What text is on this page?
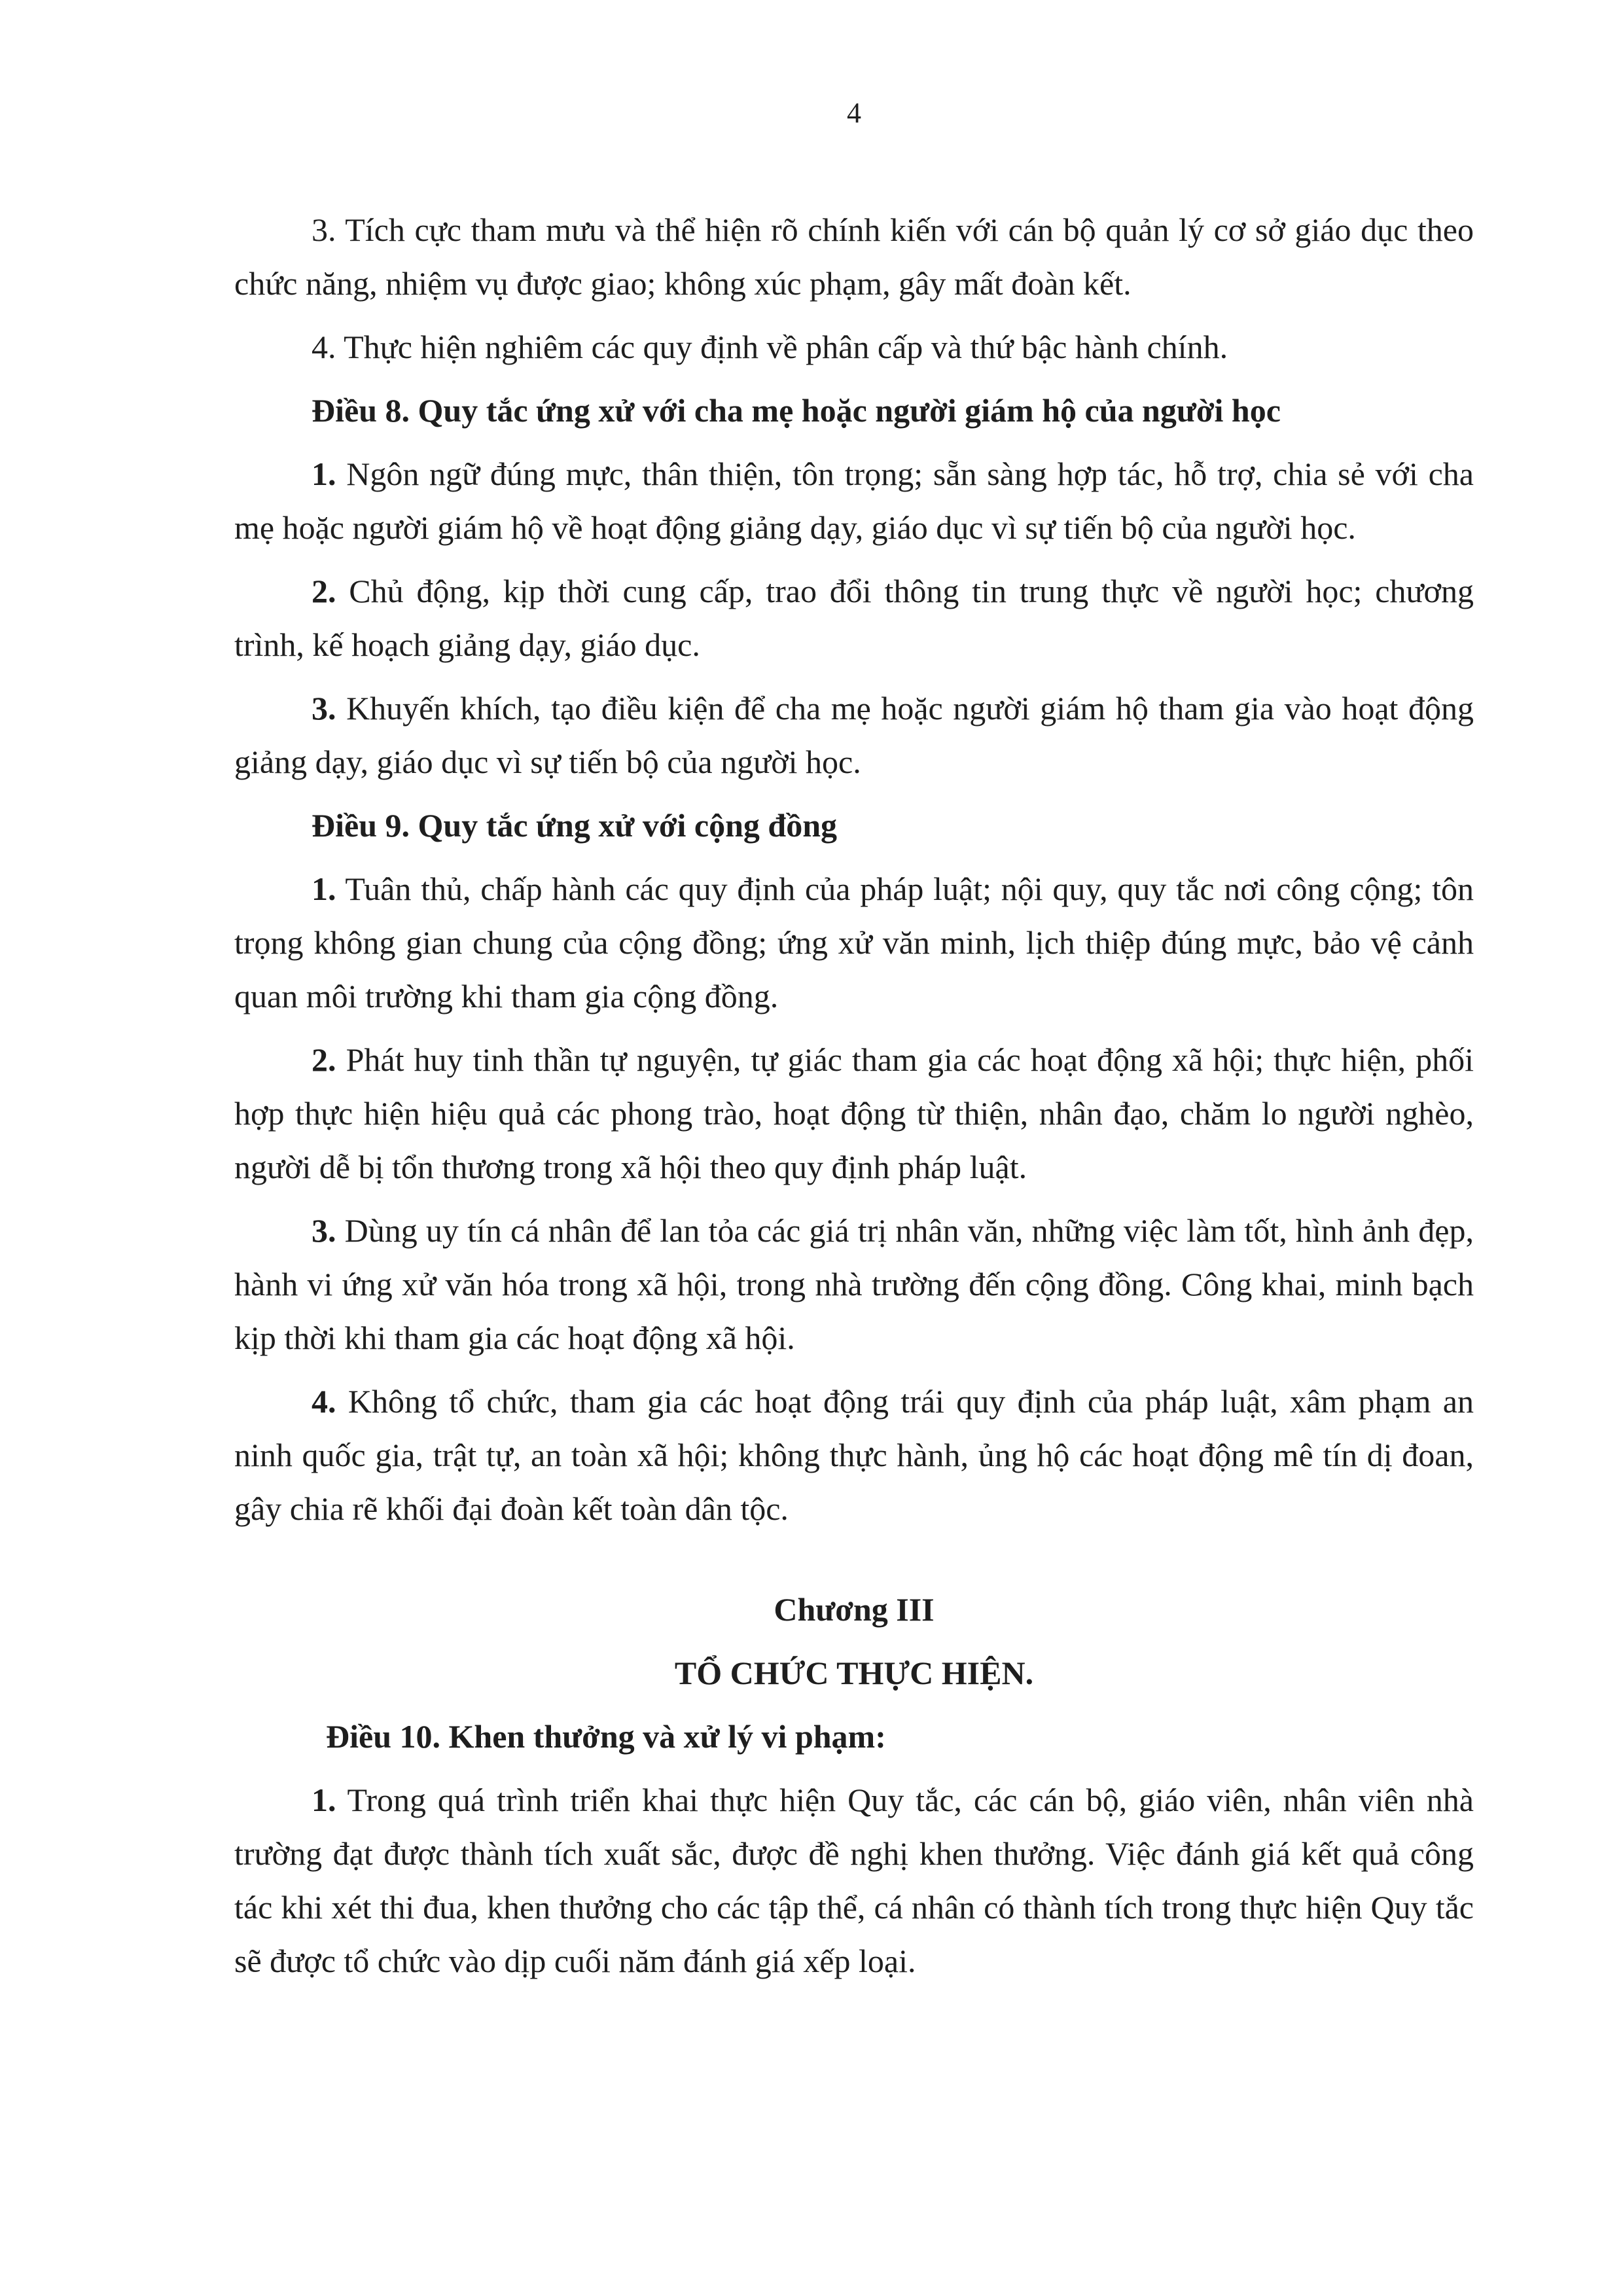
4

3. Tích cực tham mưu và thể hiện rõ chính kiến với cán bộ quản lý cơ sở giáo dục theo chức năng, nhiệm vụ được giao; không xúc phạm, gây mất đoàn kết.

4. Thực hiện nghiêm các quy định về phân cấp và thứ bậc hành chính.

Điều 8. Quy tắc ứng xử với cha mẹ hoặc người giám hộ của người học

1. Ngôn ngữ đúng mực, thân thiện, tôn trọng; sẵn sàng hợp tác, hỗ trợ, chia sẻ với cha mẹ hoặc người giám hộ về hoạt động giảng dạy, giáo dục vì sự tiến bộ của người học.

2. Chủ động, kịp thời cung cấp, trao đổi thông tin trung thực về người học; chương trình, kế hoạch giảng dạy, giáo dục.

3. Khuyến khích, tạo điều kiện để cha mẹ hoặc người giám hộ tham gia vào hoạt động giảng dạy, giáo dục vì sự tiến bộ của người học.

Điều 9. Quy tắc ứng xử với cộng đồng

1. Tuân thủ, chấp hành các quy định của pháp luật; nội quy, quy tắc nơi công cộng; tôn trọng không gian chung của cộng đồng; ứng xử văn minh, lịch thiệp đúng mực, bảo vệ cảnh quan môi trường khi tham gia cộng đồng.

2. Phát huy tinh thần tự nguyện, tự giác tham gia các hoạt động xã hội; thực hiện, phối hợp thực hiện hiệu quả các phong trào, hoạt động từ thiện, nhân đạo, chăm lo người nghèo, người dễ bị tổn thương trong xã hội theo quy định pháp luật.

3. Dùng uy tín cá nhân để lan tỏa các giá trị nhân văn, những việc làm tốt, hình ảnh đẹp, hành vi ứng xử văn hóa trong xã hội, trong nhà trường đến cộng đồng. Công khai, minh bạch kịp thời khi tham gia các hoạt động xã hội.

4. Không tổ chức, tham gia các hoạt động trái quy định của pháp luật, xâm phạm an ninh quốc gia, trật tự, an toàn xã hội; không thực hành, ủng hộ các hoạt động mê tín dị đoan, gây chia rẽ khối đại đoàn kết toàn dân tộc.

Chương III

TỔ CHỨC THỰC HIỆN.

Điều 10. Khen thưởng và xử lý vi phạm:

1. Trong quá trình triển khai thực hiện Quy tắc, các cán bộ, giáo viên, nhân viên nhà trường đạt được thành tích xuất sắc, được đề nghị khen thưởng. Việc đánh giá kết quả công tác khi xét thi đua, khen thưởng cho các tập thể, cá nhân có thành tích trong thực hiện Quy tắc sẽ được tổ chức vào dịp cuối năm đánh giá xếp loại.
